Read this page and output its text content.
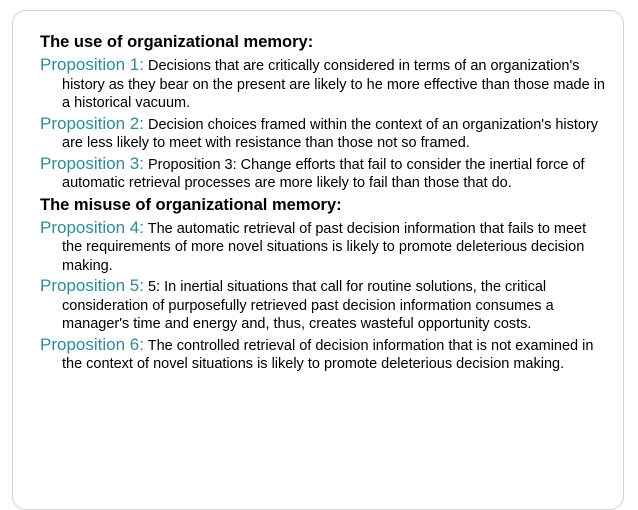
The use of organizational memory:

Proposition 1: Decisions that are critically considered in terms of an organization's history as they bear on the present are likely to he more effective than those made in a historical vacuum.

Proposition 2: Decision choices framed within the context of an organization's history are less likely to meet with resistance than those not so framed.

Proposition 3: Proposition 3: Change efforts that fail to consider the inertial force of automatic retrieval processes are more likely to fail than those that do.

The misuse of organizational memory:

Proposition 4: The automatic retrieval of past decision information that fails to meet the requirements of more novel situations is likely to promote deleterious decision making.

Proposition 5: 5: In inertial situations that call for routine solutions, the critical consideration of purposefully retrieved past decision information consumes a manager's time and energy and, thus, creates wasteful opportunity costs.

Proposition 6: The controlled retrieval of decision information that is not examined in the context of novel situations is likely to promote deleterious decision making.
